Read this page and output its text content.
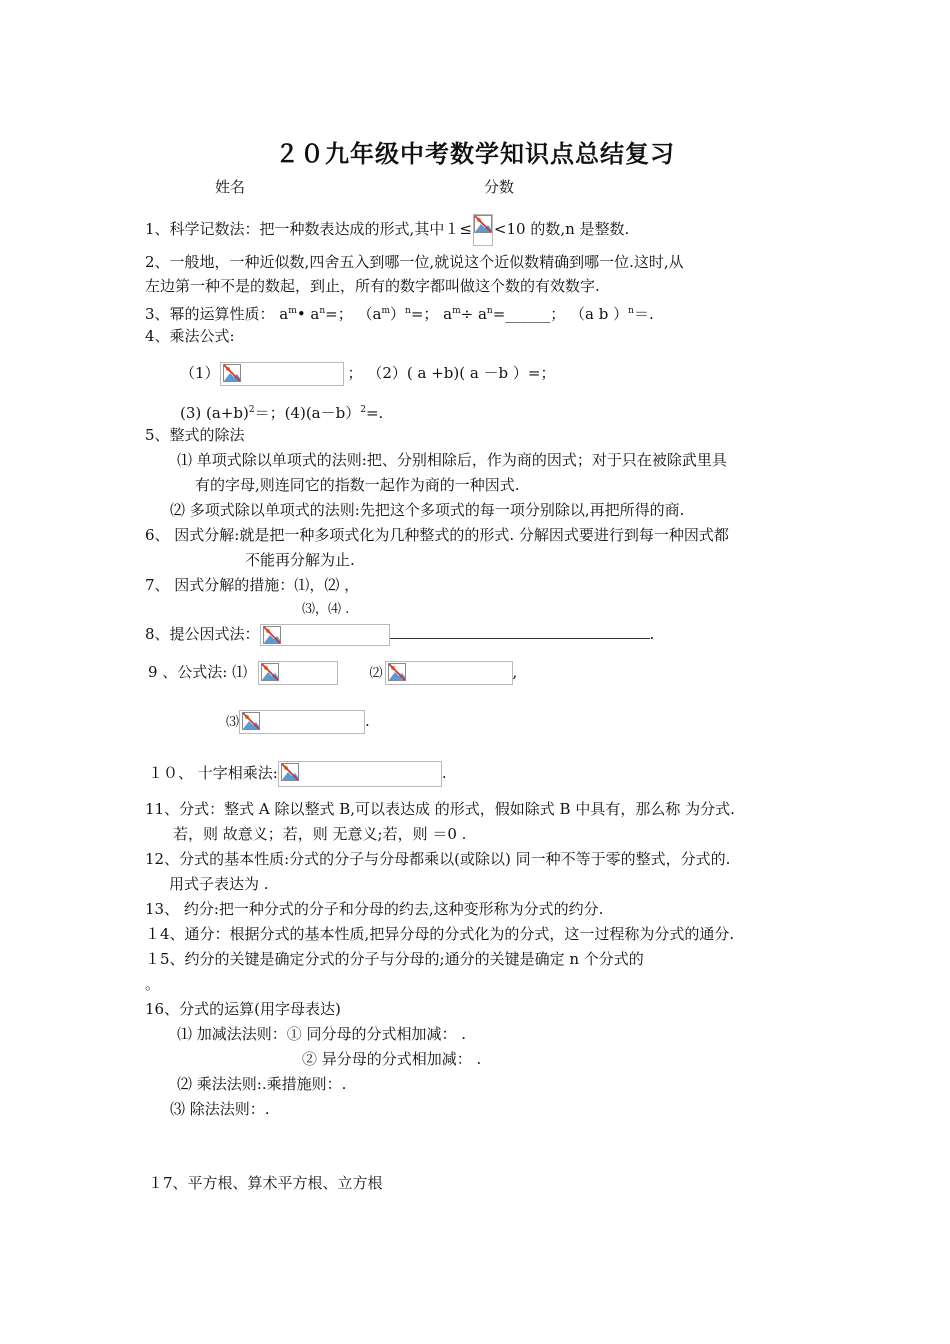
２０九年级中考数学知识点总结复习
姓名	分数
1、科学记数法：把一种数表达成的形式,其中１≤ <10 的数,n 是整数.
2、一般地，一种近似数,四舍五入到哪一位,就说这个近似数精确到哪一位.这时,从
左边第一种不是的数起，到止，所有的数字都叫做这个数的有效数字.
3、幂的运算性质： $a^m•$ $a^n=$； $(a^m)^n=$； $a^m\div$ $a^n=\_\_\_\_\_\_$； （a b ）$^n$＝.
4、乘法公式:
（1）	； （2）( a +b)( a －b ）=；
(3) $(a+b)^2=$；(4)(a－b）$^2$=.
5、整式的除法
⑴ 单项式除以单项式的法则:把、分别相除后，作为商的因式；对于只在被除武里具
有的字母,则连同它的指数一起作为商的一种因式.
⑵ 多项式除以单项式的法则:先把这个多项式的每一项分别除以,再把所得的商.
6、 因式分解:就是把一种多项式化为几种整式的的形式. 分解因式要进行到每一种因式都
不能再分解为止.
7、 因式分解的措施：⑴，⑵ ，
⑶，⑷ .
8、提公因式法：	.
9 、公式法: ⑴	⑵	,
⑶	.
１０、 十字相乘法:	.
11、分式：整式 A 除以整式 B,可以表达成 的形式，假如除式 B 中具有，那么称 为分式.
若，则 故意义；若，则 无意义;若，则 ＝0 .
12、分式的基本性质:分式的分子与分母都乘以(或除以) 同一种不等于零的整式，分式的.
用式子表达为 .
13、 约分:把一种分式的分子和分母的约去,这种变形称为分式的约分.
１4、通分：根据分式的基本性质,把异分母的分式化为的分式，这一过程称为分式的通分.
１5、约分的关键是确定分式的分子与分母的;通分的关键是确定 n 个分式的
。
16、分式的运算(用字母表达)
⑴ 加减法法则：① 同分母的分式相加减： .
② 异分母的分式相加减： .
⑵ 乘法法则:.乘措施则：.
⑶ 除法法则：.
１7、平方根、算术平方根、立方根
